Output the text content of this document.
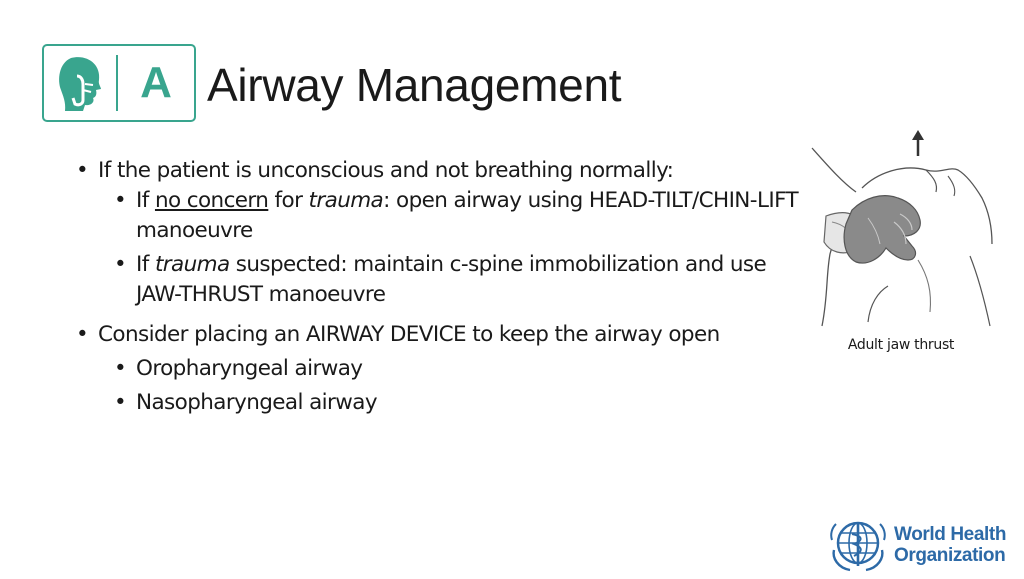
A Airway Management
• If the patient is unconscious and not breathing normally:
• If no concern for trauma: open airway using HEAD-TILT/CHIN-LIFT manoeuvre
• If trauma suspected: maintain c-spine immobilization and use JAW-THRUST manoeuvre
• Consider placing an AIRWAY DEVICE to keep the airway open
• Oropharyngeal airway
• Nasopharyngeal airway
Adult jaw thrust
World Health
Organization
